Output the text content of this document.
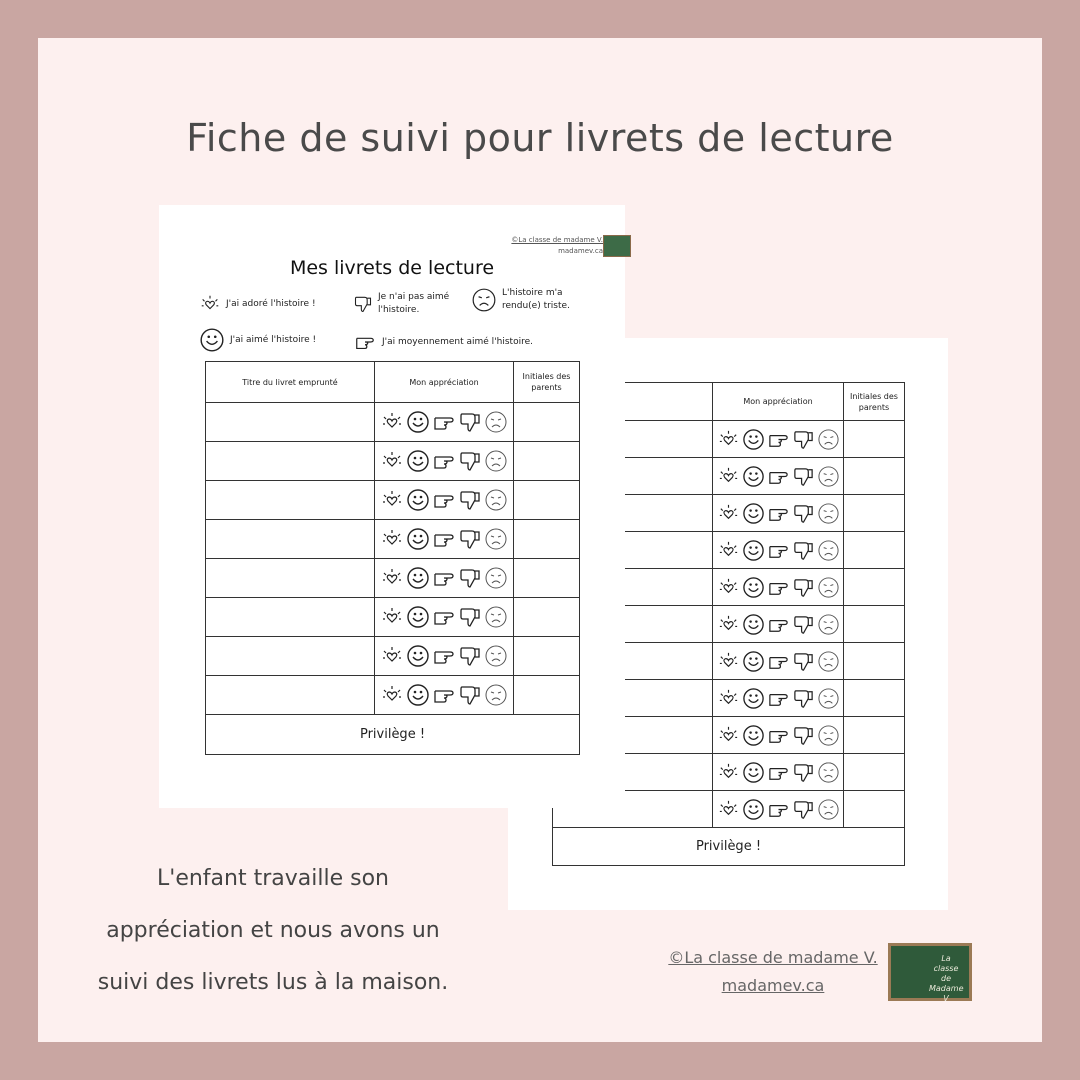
Fiche de suivi pour livrets de lecture
	Mon appréciation	Initiales des parents

Privilège !		
©La classe de madame V.
madamev.ca
Mes livrets de lecture
J'ai adoré l'histoire !
J'ai aimé l'histoire !
Je n'ai pas aimé l'histoire.
J'ai moyennement aimé l'histoire.
L'histoire m'a rendu(e) triste.
Titre du livret emprunté	Mon appréciation	Initiales des parents

Privilège !		
L'enfant travaille son
appréciation et nous avons un
suivi des livrets lus à la maison.
©La classe de madame V.
madamev.ca
La classe de Madame V
